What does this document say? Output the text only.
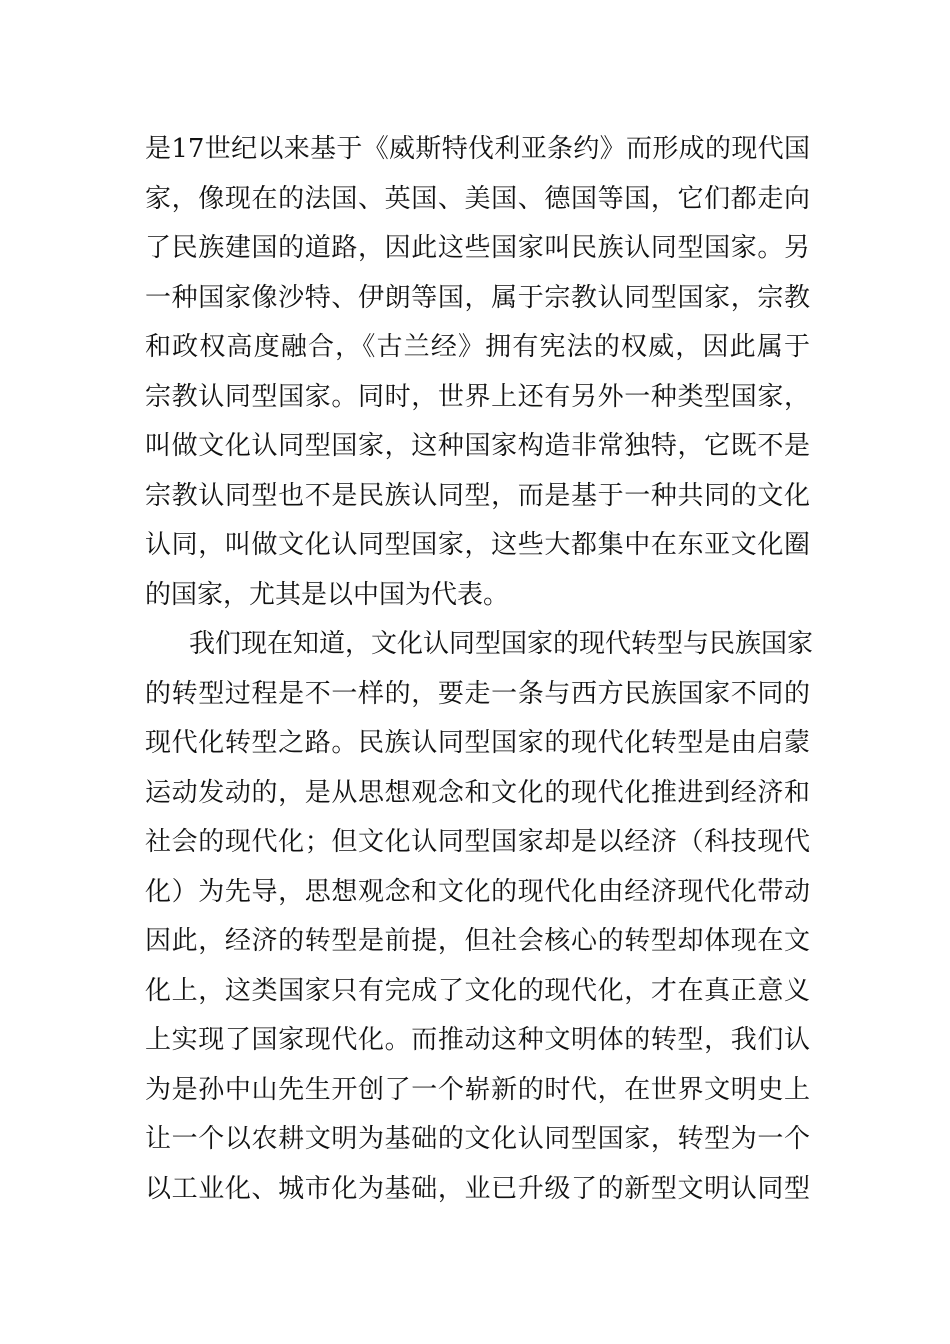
是17世纪以来基于《威斯特伐利亚条约》而形成的现代国
家，像现在的法国、英国、美国、德国等国，它们都走向
了民族建国的道路，因此这些国家叫民族认同型国家。另
一种国家像沙特、伊朗等国，属于宗教认同型国家，宗教
和政权高度融合，《古兰经》拥有宪法的权威，因此属于
宗教认同型国家。同时，世界上还有另外一种类型国家，
叫做文化认同型国家，这种国家构造非常独特，它既不是
宗教认同型也不是民族认同型，而是基于一种共同的文化
认同，叫做文化认同型国家，这些大都集中在东亚文化圈
的国家，尤其是以中国为代表。
我们现在知道，文化认同型国家的现代转型与民族国家
的转型过程是不一样的，要走一条与西方民族国家不同的
现代化转型之路。民族认同型国家的现代化转型是由启蒙
运动发动的，是从思想观念和文化的现代化推进到经济和
社会的现代化；但文化认同型国家却是以经济（科技现代
化）为先导，思想观念和文化的现代化由经济现代化带动
因此，经济的转型是前提，但社会核心的转型却体现在文
化上，这类国家只有完成了文化的现代化，才在真正意义
上实现了国家现代化。而推动这种文明体的转型，我们认
为是孙中山先生开创了一个崭新的时代，在世界文明史上
让一个以农耕文明为基础的文化认同型国家，转型为一个
以工业化、城市化为基础，业已升级了的新型文明认同型
